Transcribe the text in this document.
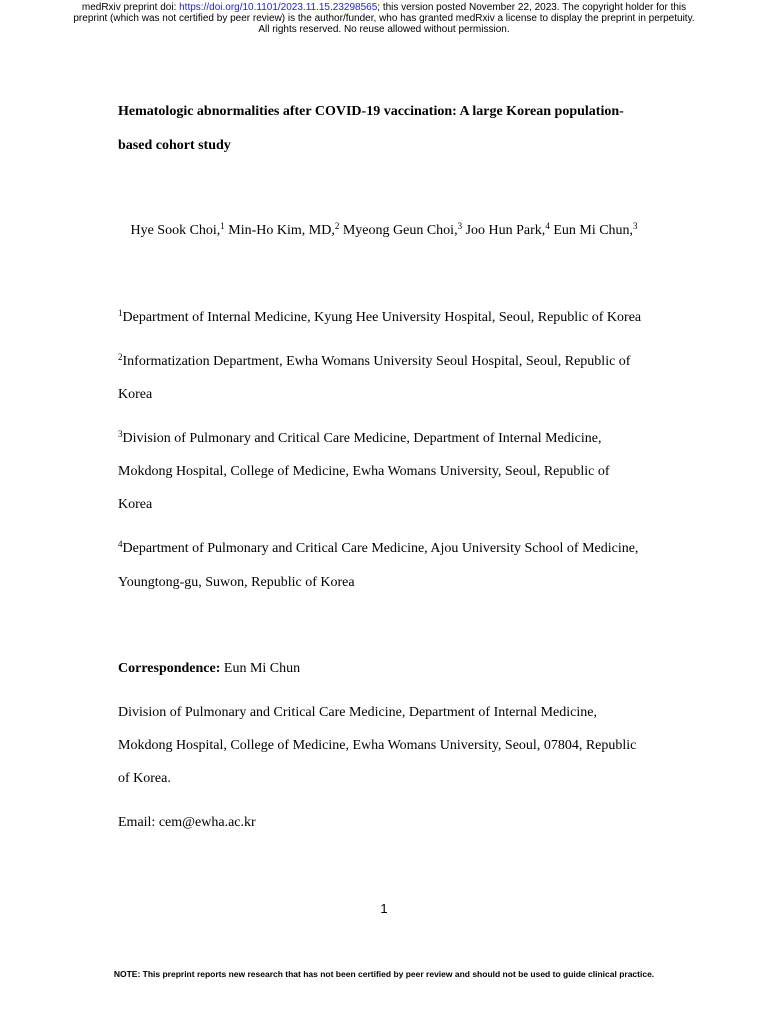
medRxiv preprint doi: https://doi.org/10.1101/2023.11.15.23298565; this version posted November 22, 2023. The copyright holder for this
preprint (which was not certified by peer review) is the author/funder, who has granted medRxiv a license to display the preprint in perpetuity.
All rights reserved. No reuse allowed without permission.
Hematologic abnormalities after COVID-19 vaccination: A large Korean population-
based cohort study
Hye Sook Choi,$^1$ Min-Ho Kim, MD,$^2$ Myeong Geun Choi,$^3$ Joo Hun Park,$^4$ Eun Mi Chun,$^3$
$^1$Department of Internal Medicine, Kyung Hee University Hospital, Seoul, Republic of Korea
$^2$Informatization Department, Ewha Womans University Seoul Hospital, Seoul, Republic of
Korea
$^3$Division of Pulmonary and Critical Care Medicine, Department of Internal Medicine,
Mokdong Hospital, College of Medicine, Ewha Womans University, Seoul, Republic of
Korea
$^4$Department of Pulmonary and Critical Care Medicine, Ajou University School of Medicine,
Youngtong-gu, Suwon, Republic of Korea
Correspondence: Eun Mi Chun
Division of Pulmonary and Critical Care Medicine, Department of Internal Medicine,
Mokdong Hospital, College of Medicine, Ewha Womans University, Seoul, 07804, Republic
of Korea.
Email: cem@ewha.ac.kr
1
NOTE: This preprint reports new research that has not been certified by peer review and should not be used to guide clinical practice.
